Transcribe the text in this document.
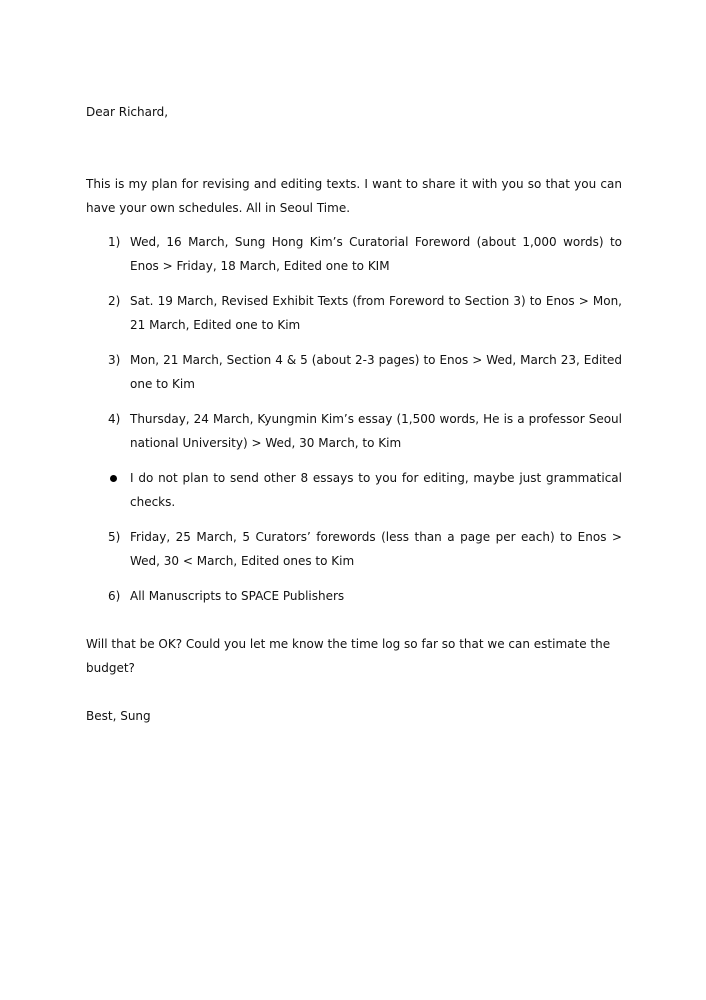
Dear Richard,
This is my plan for revising and editing texts. I want to share it with you so that you can have your own schedules. All in Seoul Time.
1) Wed, 16 March, Sung Hong Kim’s Curatorial Foreword (about 1,000 words) to Enos > Friday, 18 March, Edited one to KIM
2) Sat. 19 March, Revised Exhibit Texts (from Foreword to Section 3) to Enos > Mon, 21 March, Edited one to Kim
3) Mon, 21 March, Section 4 & 5 (about 2-3 pages) to Enos > Wed, March 23, Edited one to Kim
4) Thursday, 24 March, Kyungmin Kim’s essay (1,500 words, He is a professor Seoul national University) > Wed, 30 March, to Kim
I do not plan to send other 8 essays to you for editing, maybe just grammatical checks.
5) Friday, 25 March, 5 Curators’ forewords (less than a page per each) to Enos > Wed, 30 < March, Edited ones to Kim
6) All Manuscripts to SPACE Publishers
Will that be OK? Could you let me know the time log so far so that we can estimate the budget?
Best, Sung
